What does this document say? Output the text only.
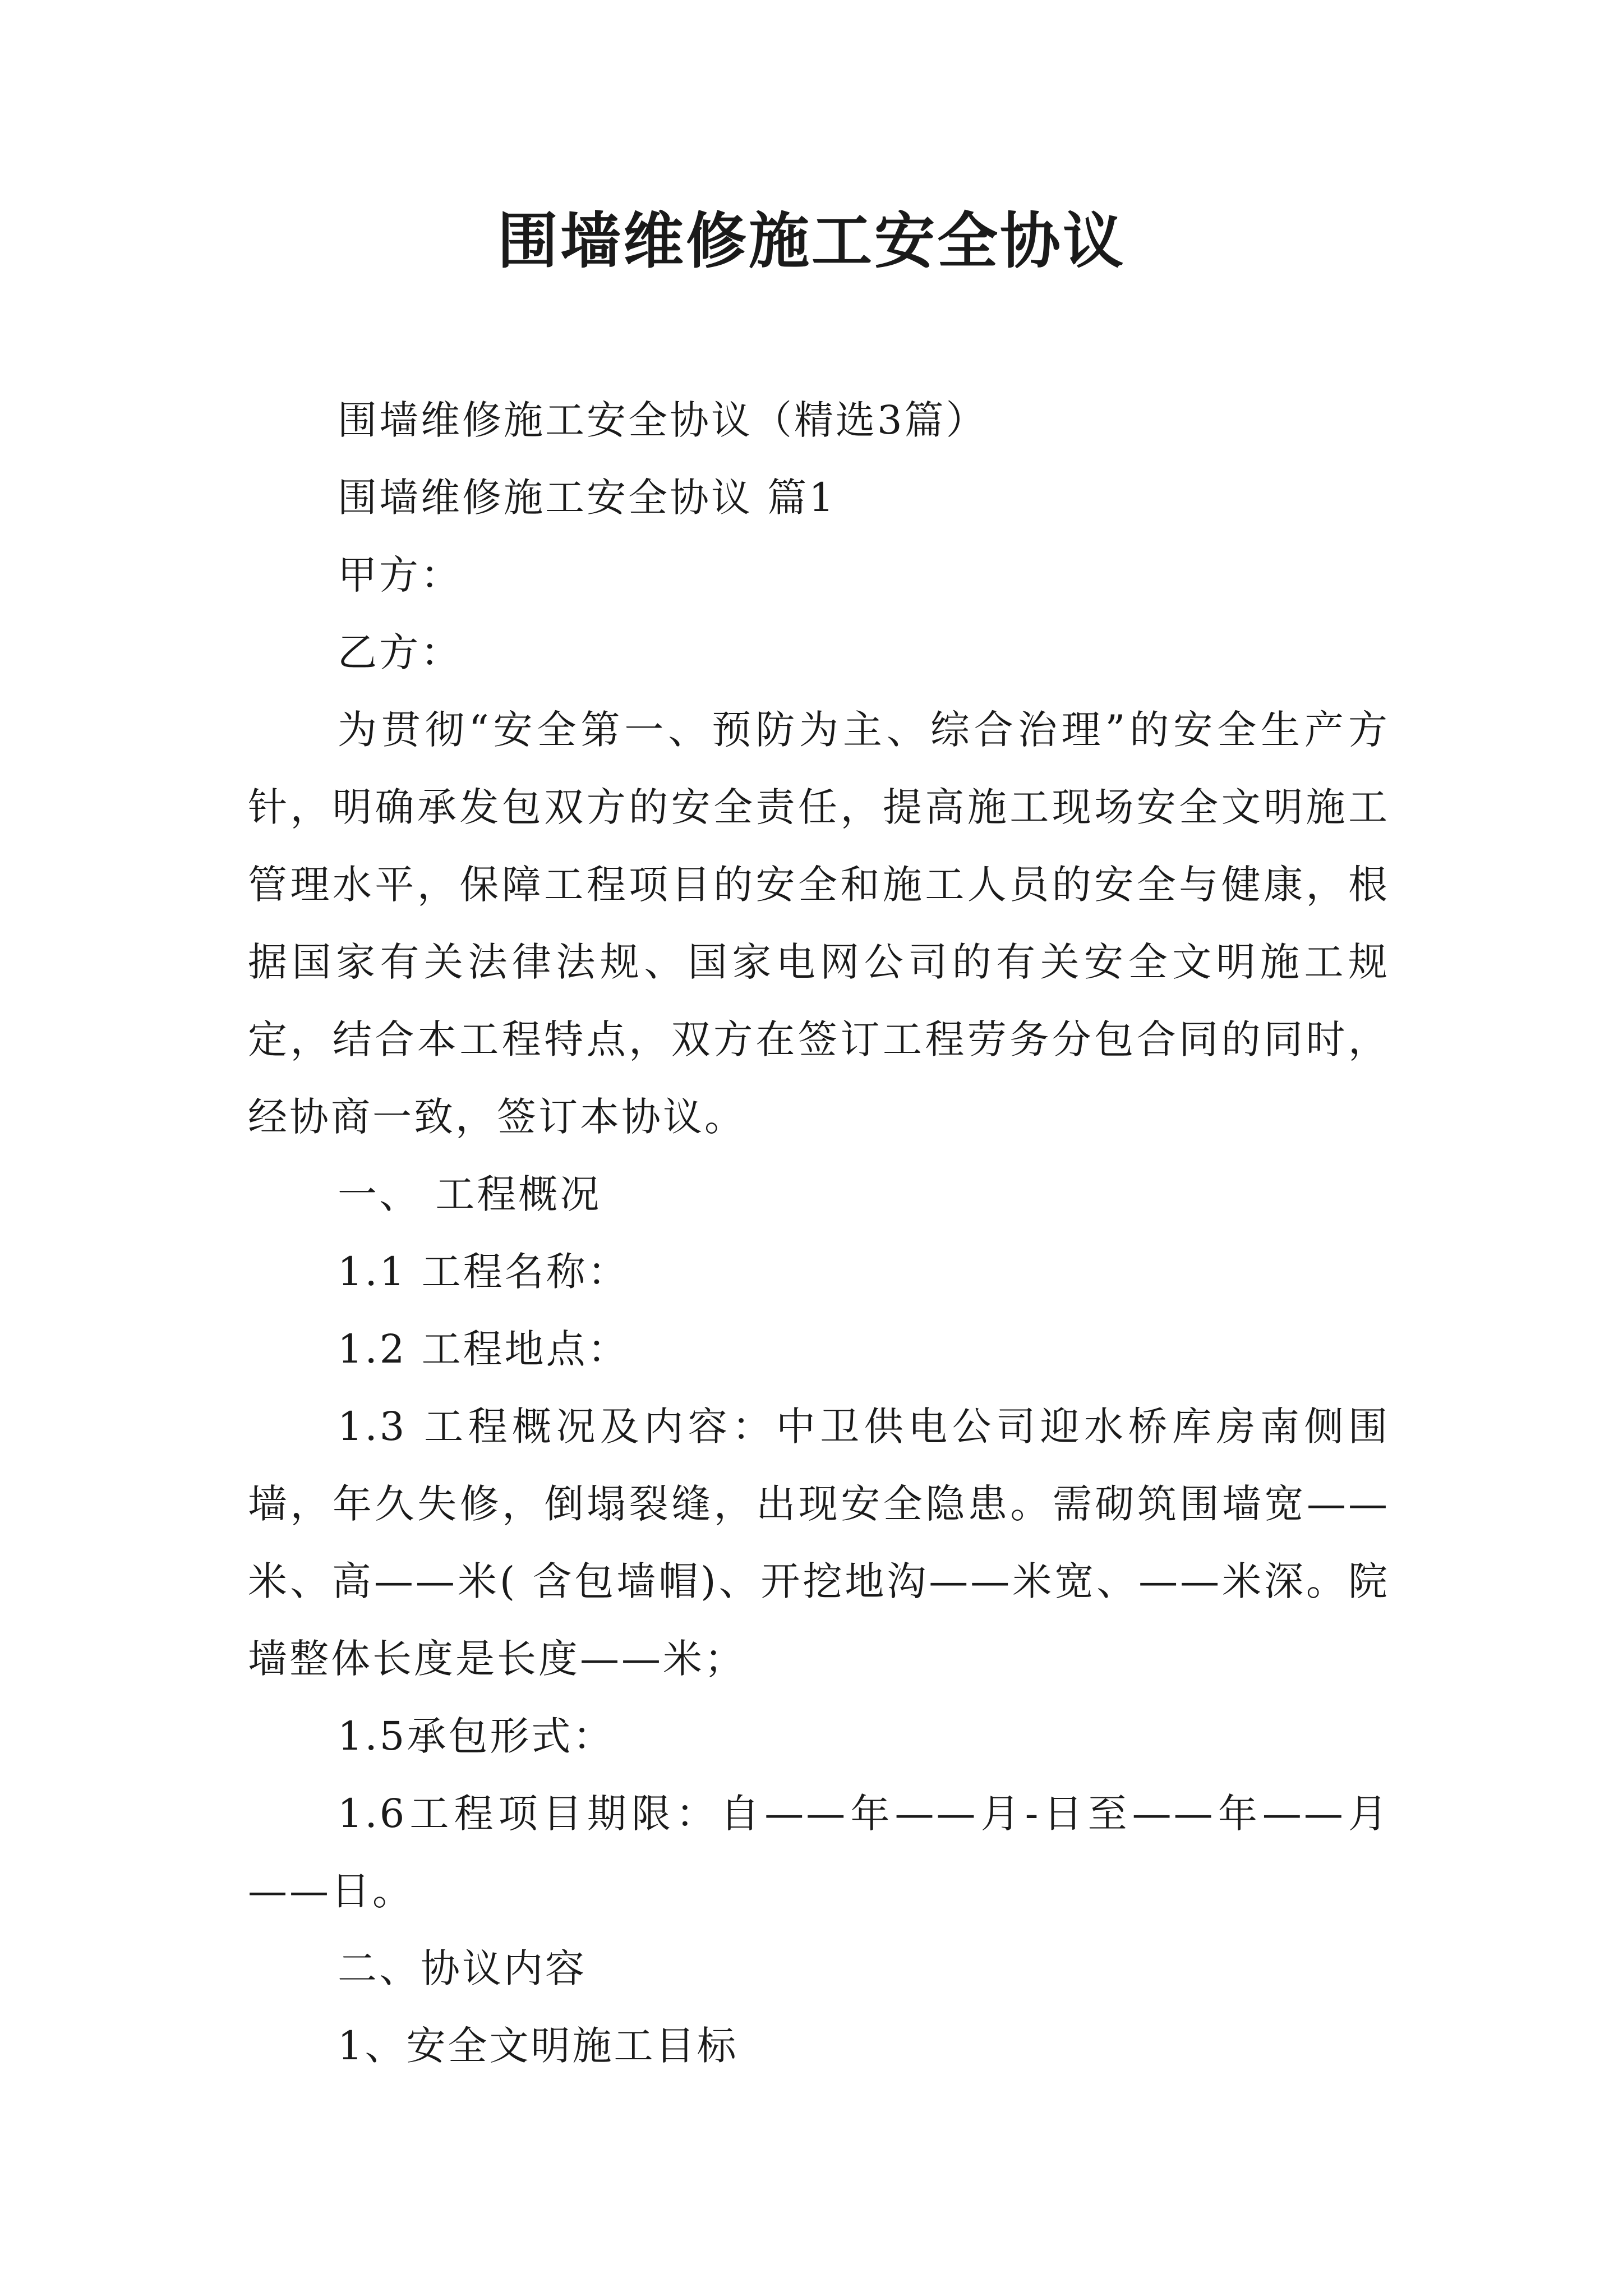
围墙维修施工安全协议

围墙维修施工安全协议（精选3篇）

围墙维修施工安全协议 篇1

甲方：

乙方：

为贯彻“安全第一、预防为主、综合治理”的安全生产方针，明确承发包双方的安全责任，提高施工现场安全文明施工管理水平，保障工程项目的安全和施工人员的安全与健康，根据国家有关法律法规、国家电网公司的有关安全文明施工规定，结合本工程特点，双方在签订工程劳务分包合同的同时，经协商一致，签订本协议。

一、 工程概况

1.1 工程名称：

1.2 工程地点：

1.3 工程概况及内容：中卫供电公司迎水桥库房南侧围墙，年久失修，倒塌裂缝，出现安全隐患。需砌筑围墙宽——米、高——米( 含包墙帽)、开挖地沟——米宽、——米深。院墙整体长度是长度——米；

1.5承包形式：

1.6工程项目期限：自——年——月-日至——年——月——日。

二、协议内容

1、安全文明施工目标
